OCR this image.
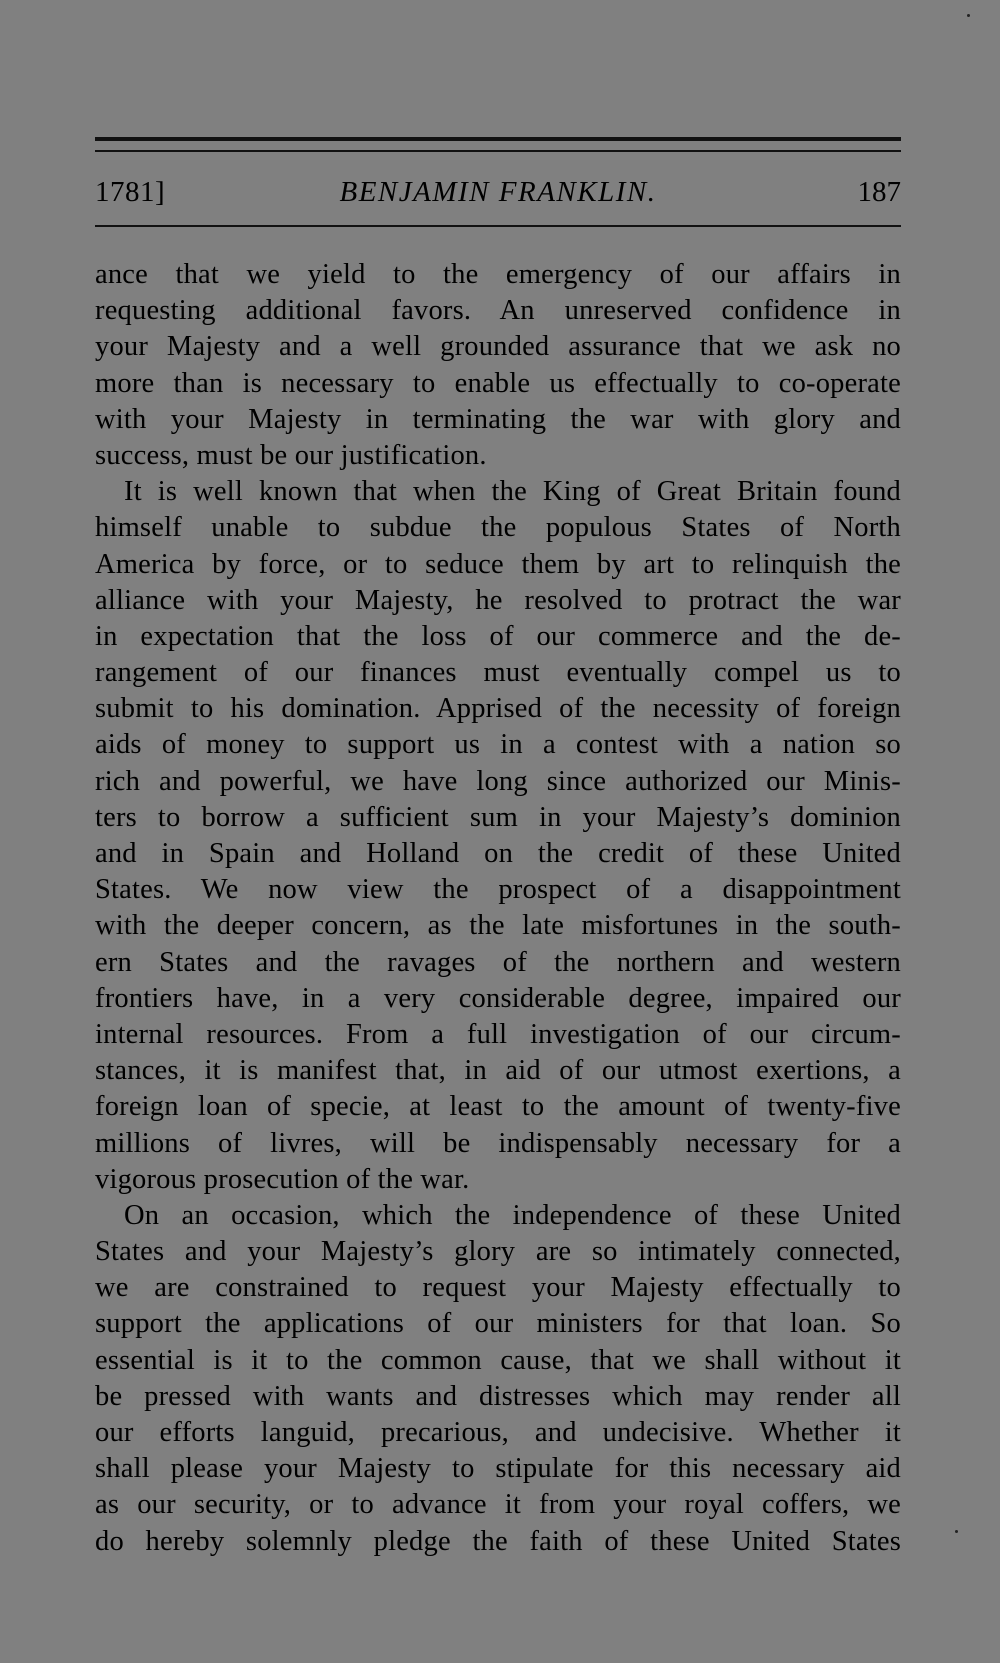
1781]	BENJAMIN FRANKLIN.	187
ance that we yield to the emergency of our affairs in
requesting additional favors. An unreserved confidence in
your Majesty and a well grounded assurance that we ask no
more than is necessary to enable us effectually to co-operate
with your Majesty in terminating the war with glory and
success, must be our justification.
It is well known that when the King of Great Britain found
himself unable to subdue the populous States of North
America by force, or to seduce them by art to relinquish the
alliance with your Majesty, he resolved to protract the war
in expectation that the loss of our commerce and the de-
rangement of our finances must eventually compel us to
submit to his domination. Apprised of the necessity of foreign
aids of money to support us in a contest with a nation so
rich and powerful, we have long since authorized our Minis-
ters to borrow a sufficient sum in your Majesty’s dominion
and in Spain and Holland on the credit of these United
States. We now view the prospect of a disappointment
with the deeper concern, as the late misfortunes in the south-
ern States and the ravages of the northern and western
frontiers have, in a very considerable degree, impaired our
internal resources. From a full investigation of our circum-
stances, it is manifest that, in aid of our utmost exertions, a
foreign loan of specie, at least to the amount of twenty-five
millions of livres, will be indispensably necessary for a
vigorous prosecution of the war.
On an occasion, which the independence of these United
States and your Majesty’s glory are so intimately connected,
we are constrained to request your Majesty effectually to
support the applications of our ministers for that loan. So
essential is it to the common cause, that we shall without it
be pressed with wants and distresses which may render all
our efforts languid, precarious, and undecisive. Whether it
shall please your Majesty to stipulate for this necessary aid
as our security, or to advance it from your royal coffers, we
do hereby solemnly pledge the faith of these United States
